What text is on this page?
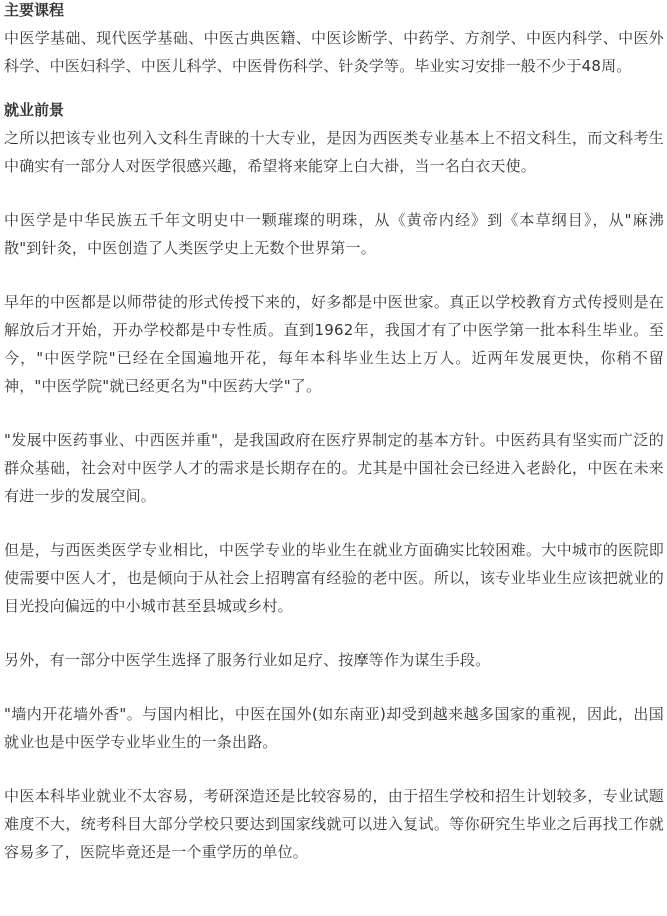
主要课程

中医学基础、现代医学基础、中医古典医籍、中医诊断学、中药学、方剂学、中医内科学、中医外科学、中医妇科学、中医儿科学、中医骨伤科学、针灸学等。毕业实习安排一般不少于48周。

就业前景

之所以把该专业也列入文科生青睐的十大专业，是因为西医类专业基本上不招文科生，而文科考生中确实有一部分人对医学很感兴趣，希望将来能穿上白大褂，当一名白衣天使。

中医学是中华民族五千年文明史中一颗璀璨的明珠，从《黄帝内经》到《本草纲目》，从"麻沸散"到针灸，中医创造了人类医学史上无数个世界第一。

早年的中医都是以师带徒的形式传授下来的，好多都是中医世家。真正以学校教育方式传授则是在解放后才开始，开办学校都是中专性质。直到1962年，我国才有了中医学第一批本科生毕业。至今，"中医学院"已经在全国遍地开花，每年本科毕业生达上万人。近两年发展更快，你稍不留神，"中医学院"就已经更名为"中医药大学"了。

"发展中医药事业、中西医并重"，是我国政府在医疗界制定的基本方针。中医药具有坚实而广泛的群众基础，社会对中医学人才的需求是长期存在的。尤其是中国社会已经进入老龄化，中医在未来有进一步的发展空间。

但是，与西医类医学专业相比，中医学专业的毕业生在就业方面确实比较困难。大中城市的医院即使需要中医人才，也是倾向于从社会上招聘富有经验的老中医。所以，该专业毕业生应该把就业的目光投向偏远的中小城市甚至县城或乡村。

另外，有一部分中医学生选择了服务行业如足疗、按摩等作为谋生手段。

"墙内开花墙外香"。与国内相比，中医在国外(如东南亚)却受到越来越多国家的重视，因此，出国就业也是中医学专业毕业生的一条出路。

中医本科毕业就业不太容易，考研深造还是比较容易的，由于招生学校和招生计划较多，专业试题难度不大，统考科目大部分学校只要达到国家线就可以进入复试。等你研究生毕业之后再找工作就容易多了，医院毕竟还是一个重学历的单位。
